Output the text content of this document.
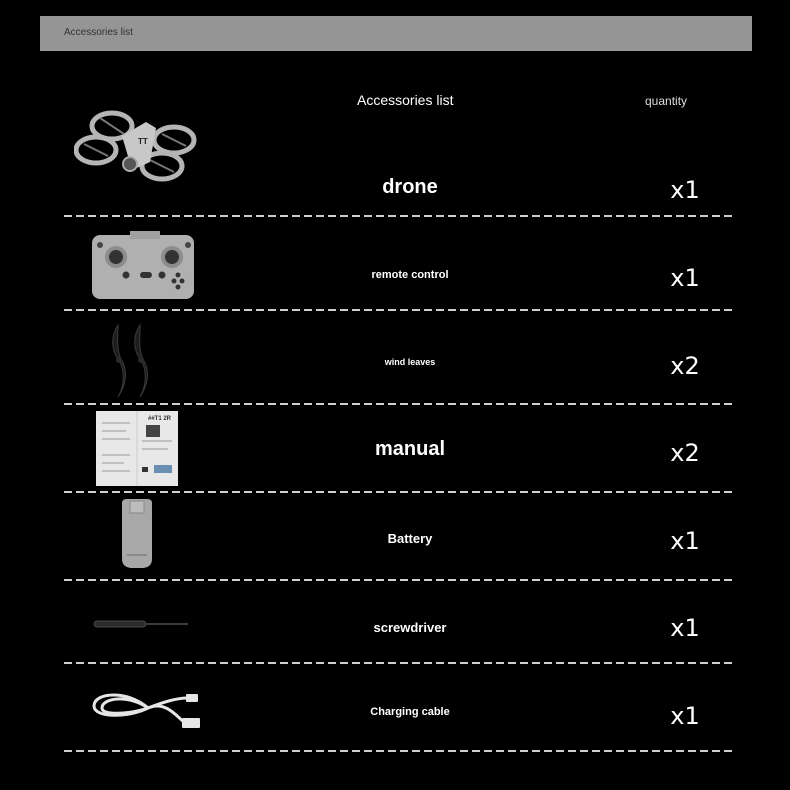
Accessories list
Accessories list	quantity
TT
drone	x1
remote control	x1
wind leaves	x2
##T1 2R
manual	x2
Battery	x1
screwdriver	x1
Charging cable	x1
